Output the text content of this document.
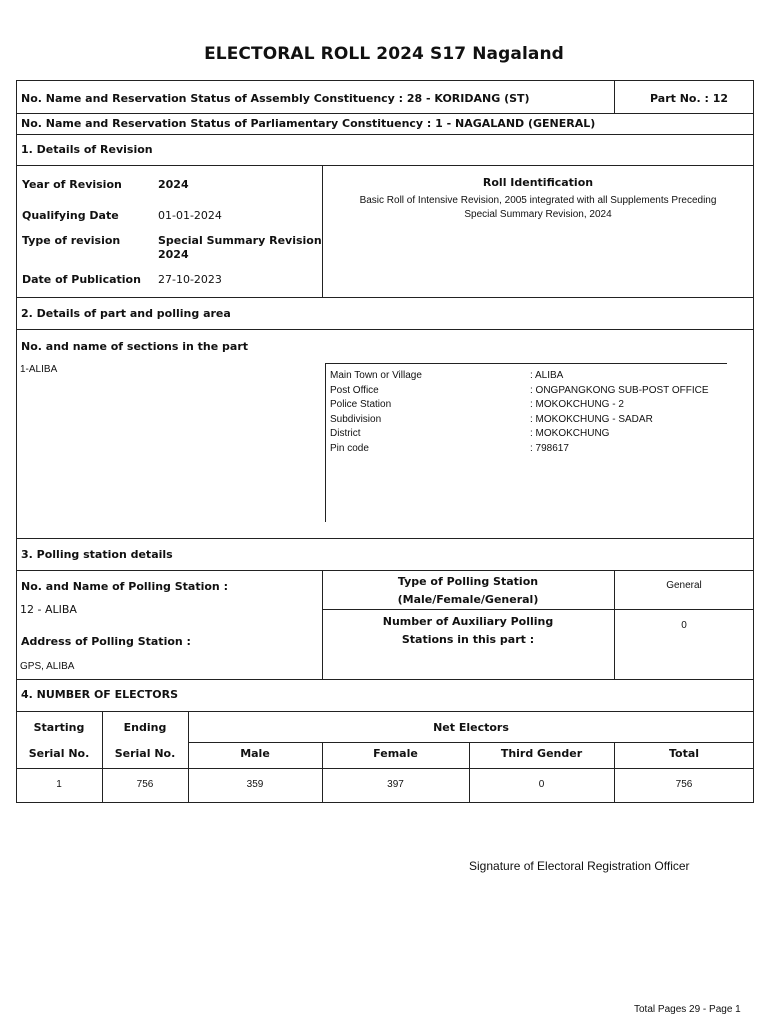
ELECTORAL ROLL 2024 S17 Nagaland
No. Name and Reservation Status of Assembly Constituency : 28 - KORIDANG (ST)	Part No. : 12
No. Name and Reservation Status of Parliamentary Constituency : 1 - NAGALAND (GENERAL)
1. Details of Revision
Year of Revision	2024
Qualifying Date	01-01-2024
Type of revision	Special Summary Revision
2024
Date of Publication 27-10-2023
Roll Identification
Basic Roll of Intensive Revision, 2005 integrated with all Supplements Preceding
Special Summary Revision, 2024
2. Details of part and polling area
No. and name of sections in the part
1-ALIBA
Main Town or Village	: ALIBA
Post Office	: ONGPANGKONG SUB-POST OFFICE
Police Station	: MOKOKCHUNG - 2
Subdivision	: MOKOKCHUNG - SADAR
District	: MOKOKCHUNG
Pin code	: 798617
3. Polling station details
No. and Name of Polling Station :
12 - ALIBA
Address of Polling Station :
GPS, ALIBA
Type of Polling Station
(Male/Female/General)
General
Number of Auxiliary Polling
Stations in this part :
0
4. NUMBER OF ELECTORS
Starting
Serial No.
Ending
Serial No.
Net Electors
Male	Female	Third Gender	Total
1	756	359	397	0	756
Signature of Electoral Registration Officer
Total Pages 29 - Page 1
